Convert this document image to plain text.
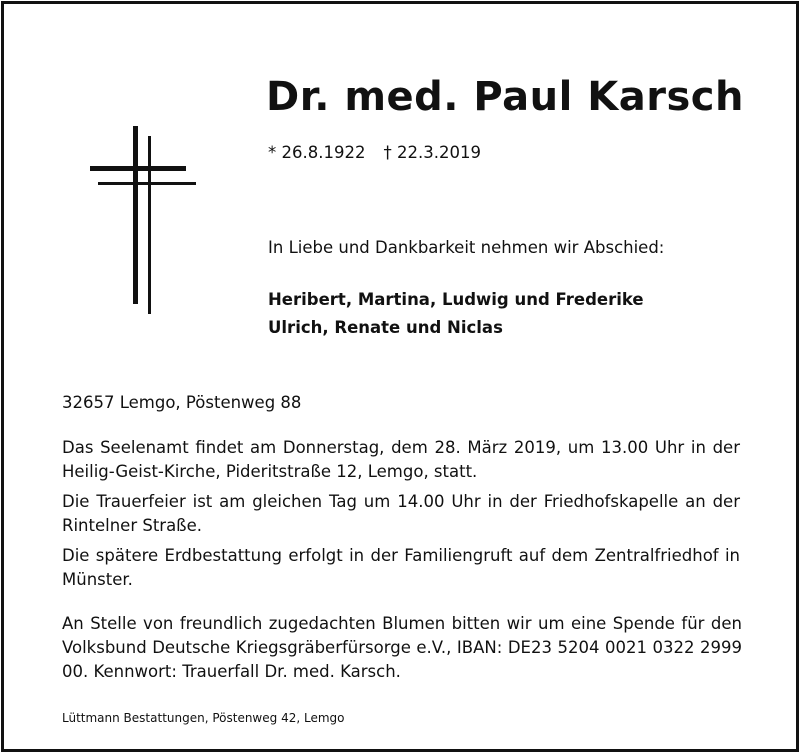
Dr. med. Paul Karsch
* 26.8.1922 † 22.3.2019
In Liebe und Dankbarkeit nehmen wir Abschied:
Heribert, Martina, Ludwig und Frederike
Ulrich, Renate und Niclas
32657 Lemgo, Pöstenweg 88

Das Seelenamt findet am Donnerstag, dem 28. März 2019, um 13.00 Uhr in der Heilig-Geist-Kirche, Pideritstraße 12, Lemgo, statt.

Die Trauerfeier ist am gleichen Tag um 14.00 Uhr in der Friedhofskapelle an der Rintelner Straße.

Die spätere Erdbestattung erfolgt in der Familiengruft auf dem Zentralfriedhof in Münster.

An Stelle von freundlich zugedachten Blumen bitten wir um eine Spende für den Volksbund Deutsche Kriegsgräberfürsorge e.V., IBAN: DE23 5204 0021 0322 2999 00. Kennwort: Trauerfall Dr. med. Karsch.
Lüttmann Bestattungen, Pöstenweg 42, Lemgo
